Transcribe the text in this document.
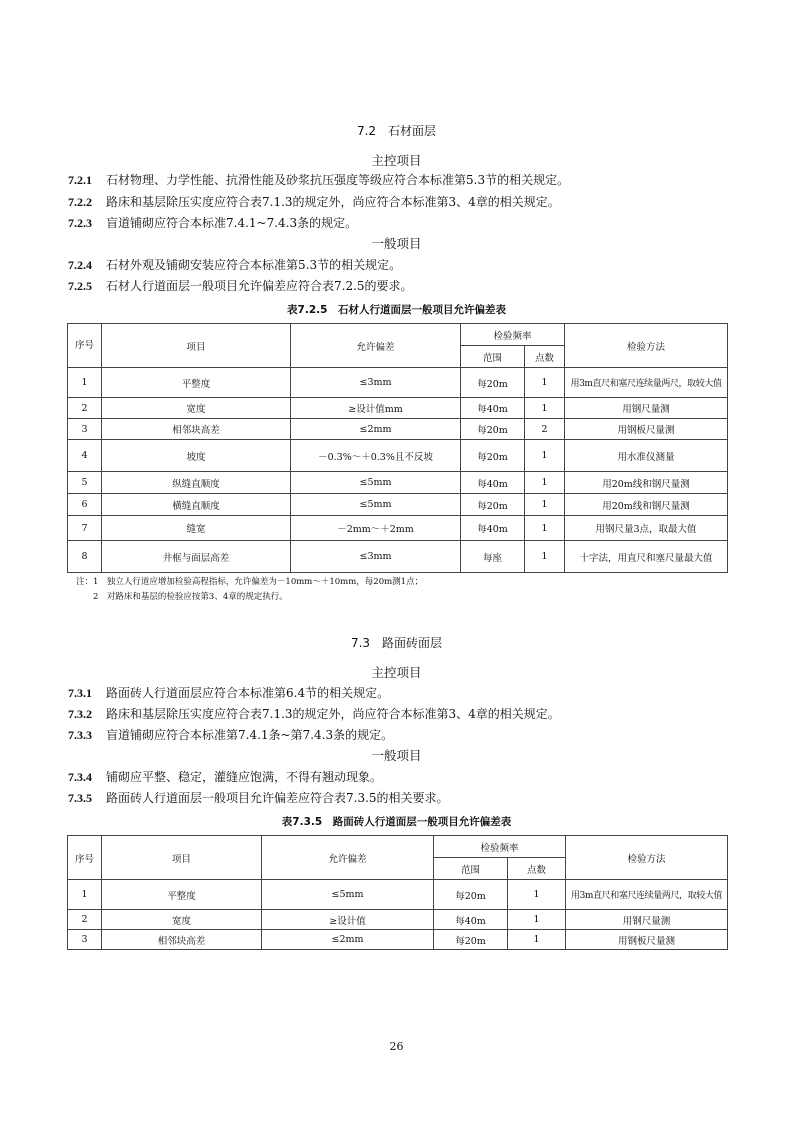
7.2　石材面层
主控项目
7.2.1 石材物理、力学性能、抗滑性能及砂浆抗压强度等级应符合本标准第5.3节的相关规定。
7.2.2 路床和基层除压实度应符合表7.1.3的规定外，尚应符合本标准第3、4章的相关规定。
7.2.3 盲道铺砌应符合本标准7.4.1~7.4.3条的规定。
一般项目
7.2.4 石材外观及铺砌安装应符合本标准第5.3节的相关规定。
7.2.5 石材人行道面层一般项目允许偏差应符合表7.2.5的要求。
表7.2.5　石材人行道面层一般项目允许偏差表
序号	项目	允许偏差	检验频率		检验方法
			范围	点数	
1	平整度	≤3mm	每20m	1	用3m直尺和塞尺连续量两尺，取较大值
2	宽度	≥设计值mm	每40m	1	用钢尺量测
3	相邻块高差	≤2mm	每20m	2	用钢板尺量测
4	坡度	－0.3%～＋0.3%且不反坡	每20m	1	用水准仪测量
5	纵缝直顺度	≤5mm	每40m	1	用20m线和钢尺量测
6	横缝直顺度	≤5mm	每20m	1	用20m线和钢尺量测
7	缝宽	－2mm～＋2mm	每40m	1	用钢尺量3点，取最大值
8	井框与面层高差	≤3mm	每座	1	十字法，用直尺和塞尺量最大值
注：1　独立人行道应增加检验高程指标，允许偏差为－10mm～＋10mm，每20m测1点；
　　2　对路床和基层的检验应按第3、4章的规定执行。
7.3　路面砖面层
主控项目
7.3.1 路面砖人行道面层应符合本标准第6.4节的相关规定。
7.3.2 路床和基层除压实度应符合表7.1.3的规定外，尚应符合本标准第3、4章的相关规定。
7.3.3 盲道铺砌应符合本标准第7.4.1条~第7.4.3条的规定。
一般项目
7.3.4 铺砌应平整、稳定，灌缝应饱满，不得有翘动现象。
7.3.5 路面砖人行道面层一般项目允许偏差应符合表7.3.5的相关要求。
表7.3.5　路面砖人行道面层一般项目允许偏差表
序号	项目	允许偏差	检验频率		检验方法
			范围	点数	
1	平整度	≤5mm	每20m	1	用3m直尺和塞尺连续量两尺，取较大值
2	宽度	≥设计值	每40m	1	用钢尺量测
3	相邻块高差	≤2mm	每20m	1	用钢板尺量测
26
